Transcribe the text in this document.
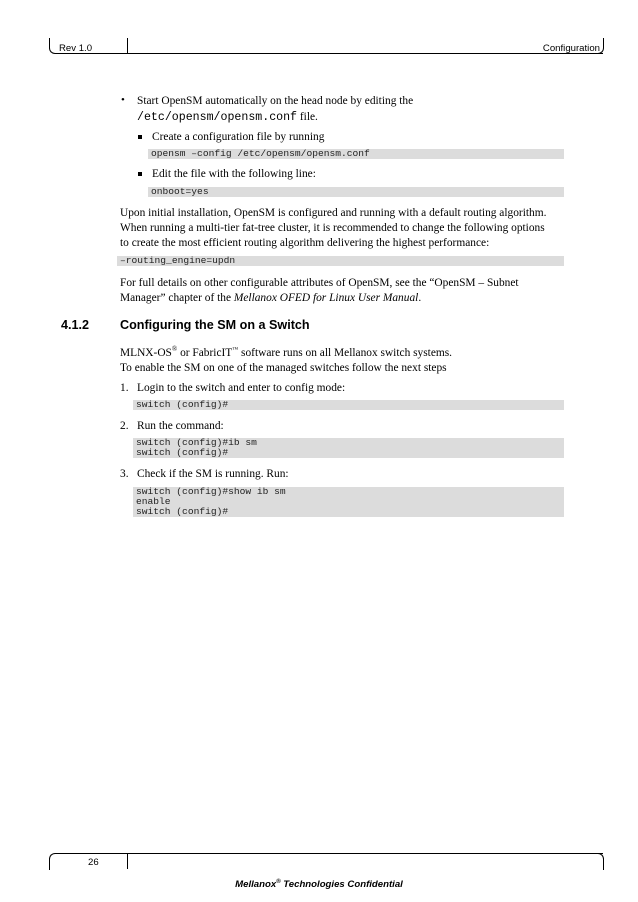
Rev 1.0	Configuration
• Start OpenSM automatically on the head node by editing the
/etc/opensm/opensm.conf file.
Create a configuration file by running
opensm –config /etc/opensm/opensm.conf
Edit the file with the following line:
onboot=yes
Upon initial installation, OpenSM is configured and running with a default routing algorithm.
When running a multi-tier fat-tree cluster, it is recommended to change the following options
to create the most efficient routing algorithm delivering the highest performance:
–routing_engine=updn
For full details on other configurable attributes of OpenSM, see the “OpenSM – Subnet
Manager” chapter of the Mellanox OFED for Linux User Manual.
4.1.2 Configuring the SM on a Switch
MLNX-OS® or FabricIT™ software runs on all Mellanox switch systems.
To enable the SM on one of the managed switches follow the next steps
1. Login to the switch and enter to config mode:
switch (config)#
2. Run the command:
switch (config)#ib sm
switch (config)#
3. Check if the SM is running. Run:
switch (config)#show ib sm
enable
switch (config)#
26
Mellanox® Technologies Confidential
